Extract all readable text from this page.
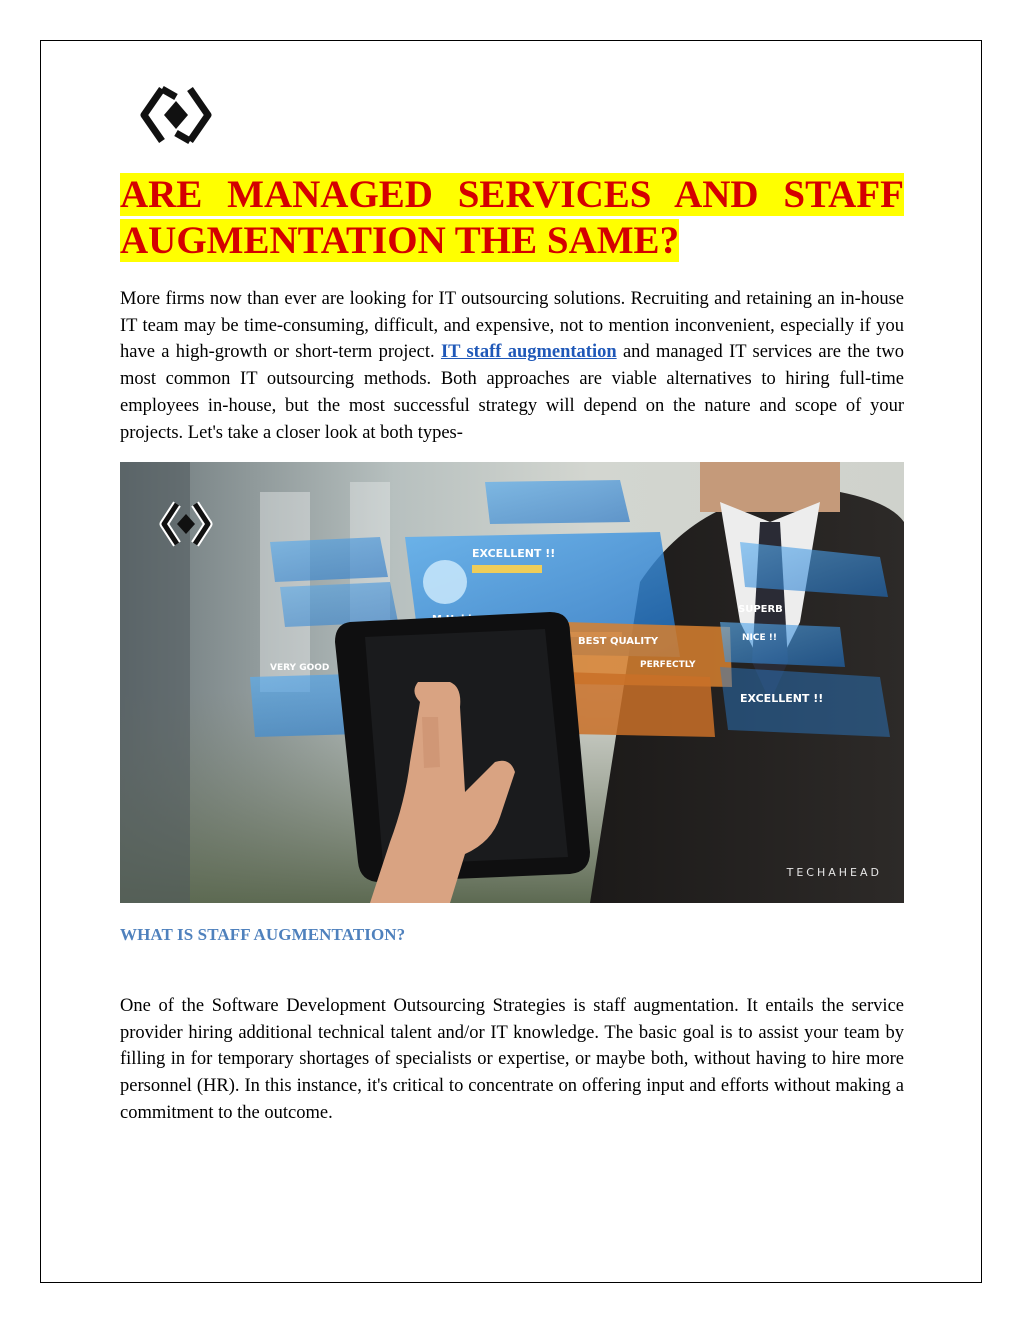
ARE MANAGED SERVICES AND STAFF AUGMENTATION THE SAME?

More firms now than ever are looking for IT outsourcing solutions. Recruiting and retaining an in-house IT team may be time-consuming, difficult, and expensive, not to mention inconvenient, especially if you have a high-growth or short-term project. IT staff augmentation and managed IT services are the two most common IT outsourcing methods. Both approaches are viable alternatives to hiring full-time employees in-house, but the most successful strategy will depend on the nature and scope of your projects. Let's take a closer look at both types-

EXCELLENT !!
VERY GOOD
BEST QUALITY
PERFECTLY
EXCELLENT !!
SUPERB
NICE !!
TECHAHEAD
WHAT IS STAFF AUGMENTATION?

One of the Software Development Outsourcing Strategies is staff augmentation. It entails the service provider hiring additional technical talent and/or IT knowledge. The basic goal is to assist your team by filling in for temporary shortages of specialists or expertise, or maybe both, without having to hire more personnel (HR). In this instance, it's critical to concentrate on offering input and efforts without making a commitment to the outcome.
